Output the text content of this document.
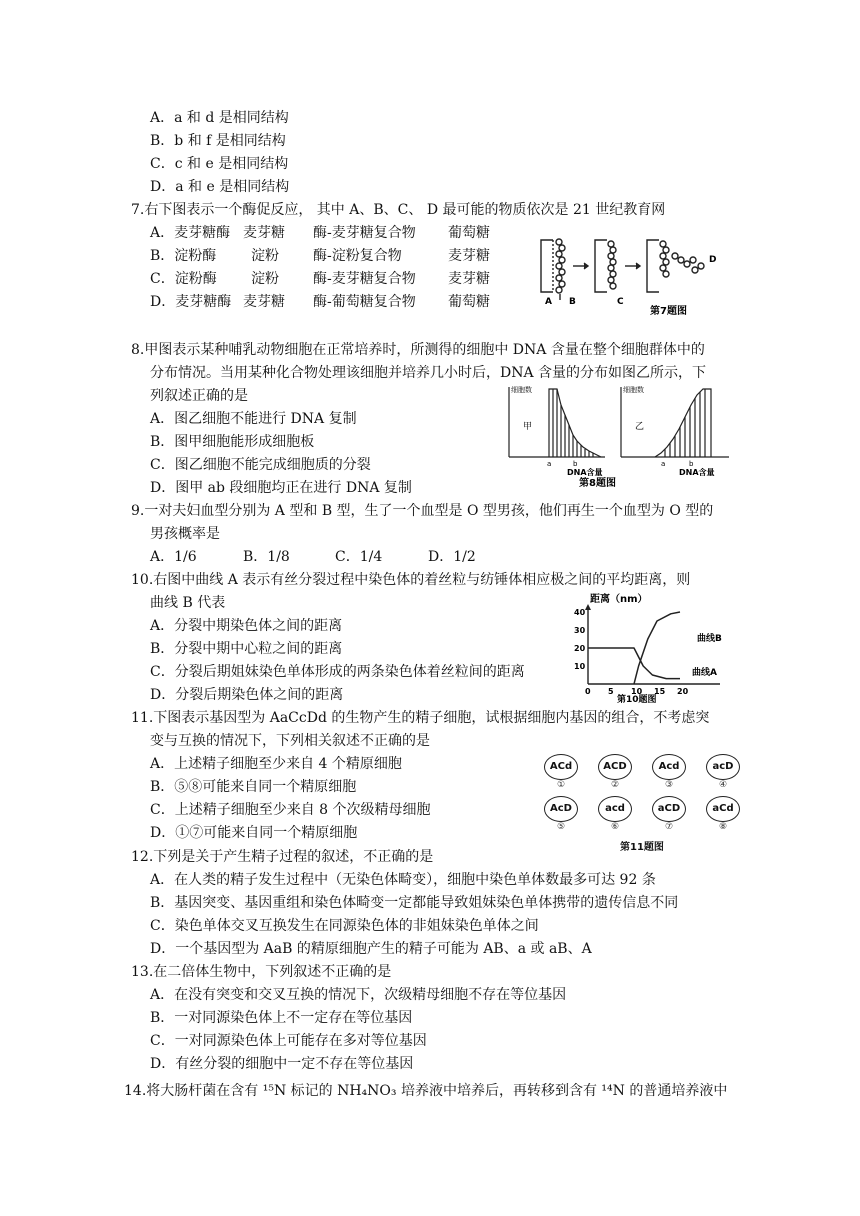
A．a 和 d 是相同结构
B．b 和 f 是相同结构
C．c 和 e 是相同结构
D．a 和 e 是相同结构
7.右下图表示一个酶促反应， 其中 A、B、C、 D 最可能的物质依次是 21 世纪教育网
A．麦芽糖酶 麦芽糖 酶-麦芽糖复合物 葡萄糖
B．淀粉酶 淀粉 酶-淀粉复合物	麦芽糖
C．淀粉酶 淀粉 酶-麦芽糖复合物 麦芽糖
D．麦芽糖酶 麦芽糖 酶-葡萄糖复合物 葡萄糖	A B	C
D
第7题图
8.甲图表示某种哺乳动物细胞在正常培养时，所测得的细胞中 DNA 含量在整个细胞群体中的
分布情况。当用某种化合物处理该细胞并培养几小时后，DNA 含量的分布如图乙所示，下
列叙述正确的是
A．图乙细胞不能进行 DNA 复制
B．图甲细胞能形成细胞板
C．图乙细胞不能完成细胞质的分裂
D．图甲 ab 段细胞均正在进行 DNA 复制
细胞数
甲
a	b
DNA含量
细胞数
乙
a	b
DNA含量
第8题图
9.一对夫妇血型分别为 A 型和 B 型，生了一个血型是 O 型男孩，他们再生一个血型为 O 型的
男孩概率是
A．1/6	B．1/8	C．1/4	D．1/2
10.右图中曲线 A 表示有丝分裂过程中染色体的着丝粒与纺锤体相应极之间的平均距离，则
曲线 B 代表
A．分裂中期染色体之间的距离
B．分裂中期中心粒之间的距离
C．分裂后期姐妹染色单体形成的两条染色体着丝粒间的距离
D．分裂后期染色体之间的距离
距离（nm）
0 5 10 15 20
10
20
30
40
曲线B
曲线A
第10题图
11.下图表示基因型为 AaCcDd 的生物产生的精子细胞，试根据细胞内基因的组合，不考虑突
变与互换的情况下，下列相关叙述不正确的是
A．上述精子细胞至少来自 4 个精原细胞
B．⑤⑧可能来自同一个精原细胞
C．上述精子细胞至少来自 8 个次级精母细胞
D．①⑦可能来自同一个精原细胞
ACd	ACD	Acd	acD
①	②	③	④
AcD	acd	aCD	aCd
⑤	⑥	⑦	⑧
第11题图
12.下列是关于产生精子过程的叙述，不正确的是
A．在人类的精子发生过程中（无染色体畸变），细胞中染色单体数最多可达 92 条
B．基因突变、基因重组和染色体畸变一定都能导致姐妹染色单体携带的遗传信息不同
C．染色单体交叉互换发生在同源染色体的非姐妹染色单体之间
D．一个基因型为 AaB 的精原细胞产生的精子可能为 AB、a 或 aB、A
13.在二倍体生物中，下列叙述不正确的是
A．在没有突变和交叉互换的情况下，次级精母细胞不存在等位基因
B．一对同源染色体上不一定存在等位基因
C．一对同源染色体上可能存在多对等位基因
D．有丝分裂的细胞中一定不存在等位基因
14.将大肠杆菌在含有 ¹⁵N 标记的 NH₄NO₃ 培养液中培养后，再转移到含有 ¹⁴N 的普通培养液中
